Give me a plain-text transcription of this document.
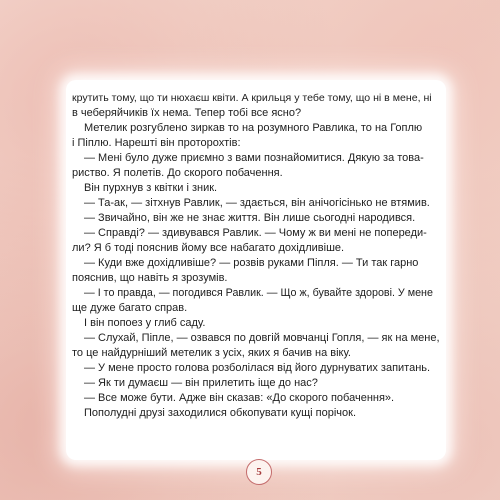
крутить тому, що ти нюхаєш квіти. А крильця у тебе тому, що ні в мене, ні
в чеберяйчиків їх нема. Тепер тобі все ясно?
Метелик розгублено зиркав то на розумного Равлика, то на Гоплю
і Пiплю. Нарешті він проторохтів:
— Мені було дуже приємно з вами познайомитися. Дякую за това-
риство. Я полетів. До скорого побачення.
Він пурхнув з квітки і зник.
— Та-ак, — зітхнув Равлик, — здається, він анічогісінько не втямив.
— Звичайно, він же не знає життя. Він лише сьогодні народився.
— Справді? — здивувався Равлик. — Чому ж ви мені не попереди-
ли? Я б тоді пояснив йому все набагато дохідливіше.
— Куди вже дохідливіше? — розвів руками Піпля. — Ти так гарно
пояснив, що навіть я зрозумів.
— І то правда, — погодився Равлик. — Що ж, бувайте здорові. У мене
ще дуже багато справ.
І він попоез у глиб саду.
— Слухай, Піпле, — озвався по довгій мовчанці Гопля, — як на мене,
то це найдурніший метелик з усіх, яких я бачив на віку.
— У мене просто голова розболілася від його дурнуватих запитань.
— Як ти думаєш — він прилетить іще до нас?
— Все може бути. Адже він сказав: «До скорого побачення».
Пополудні друзі заходилися обкопувати кущі порічок.
5
